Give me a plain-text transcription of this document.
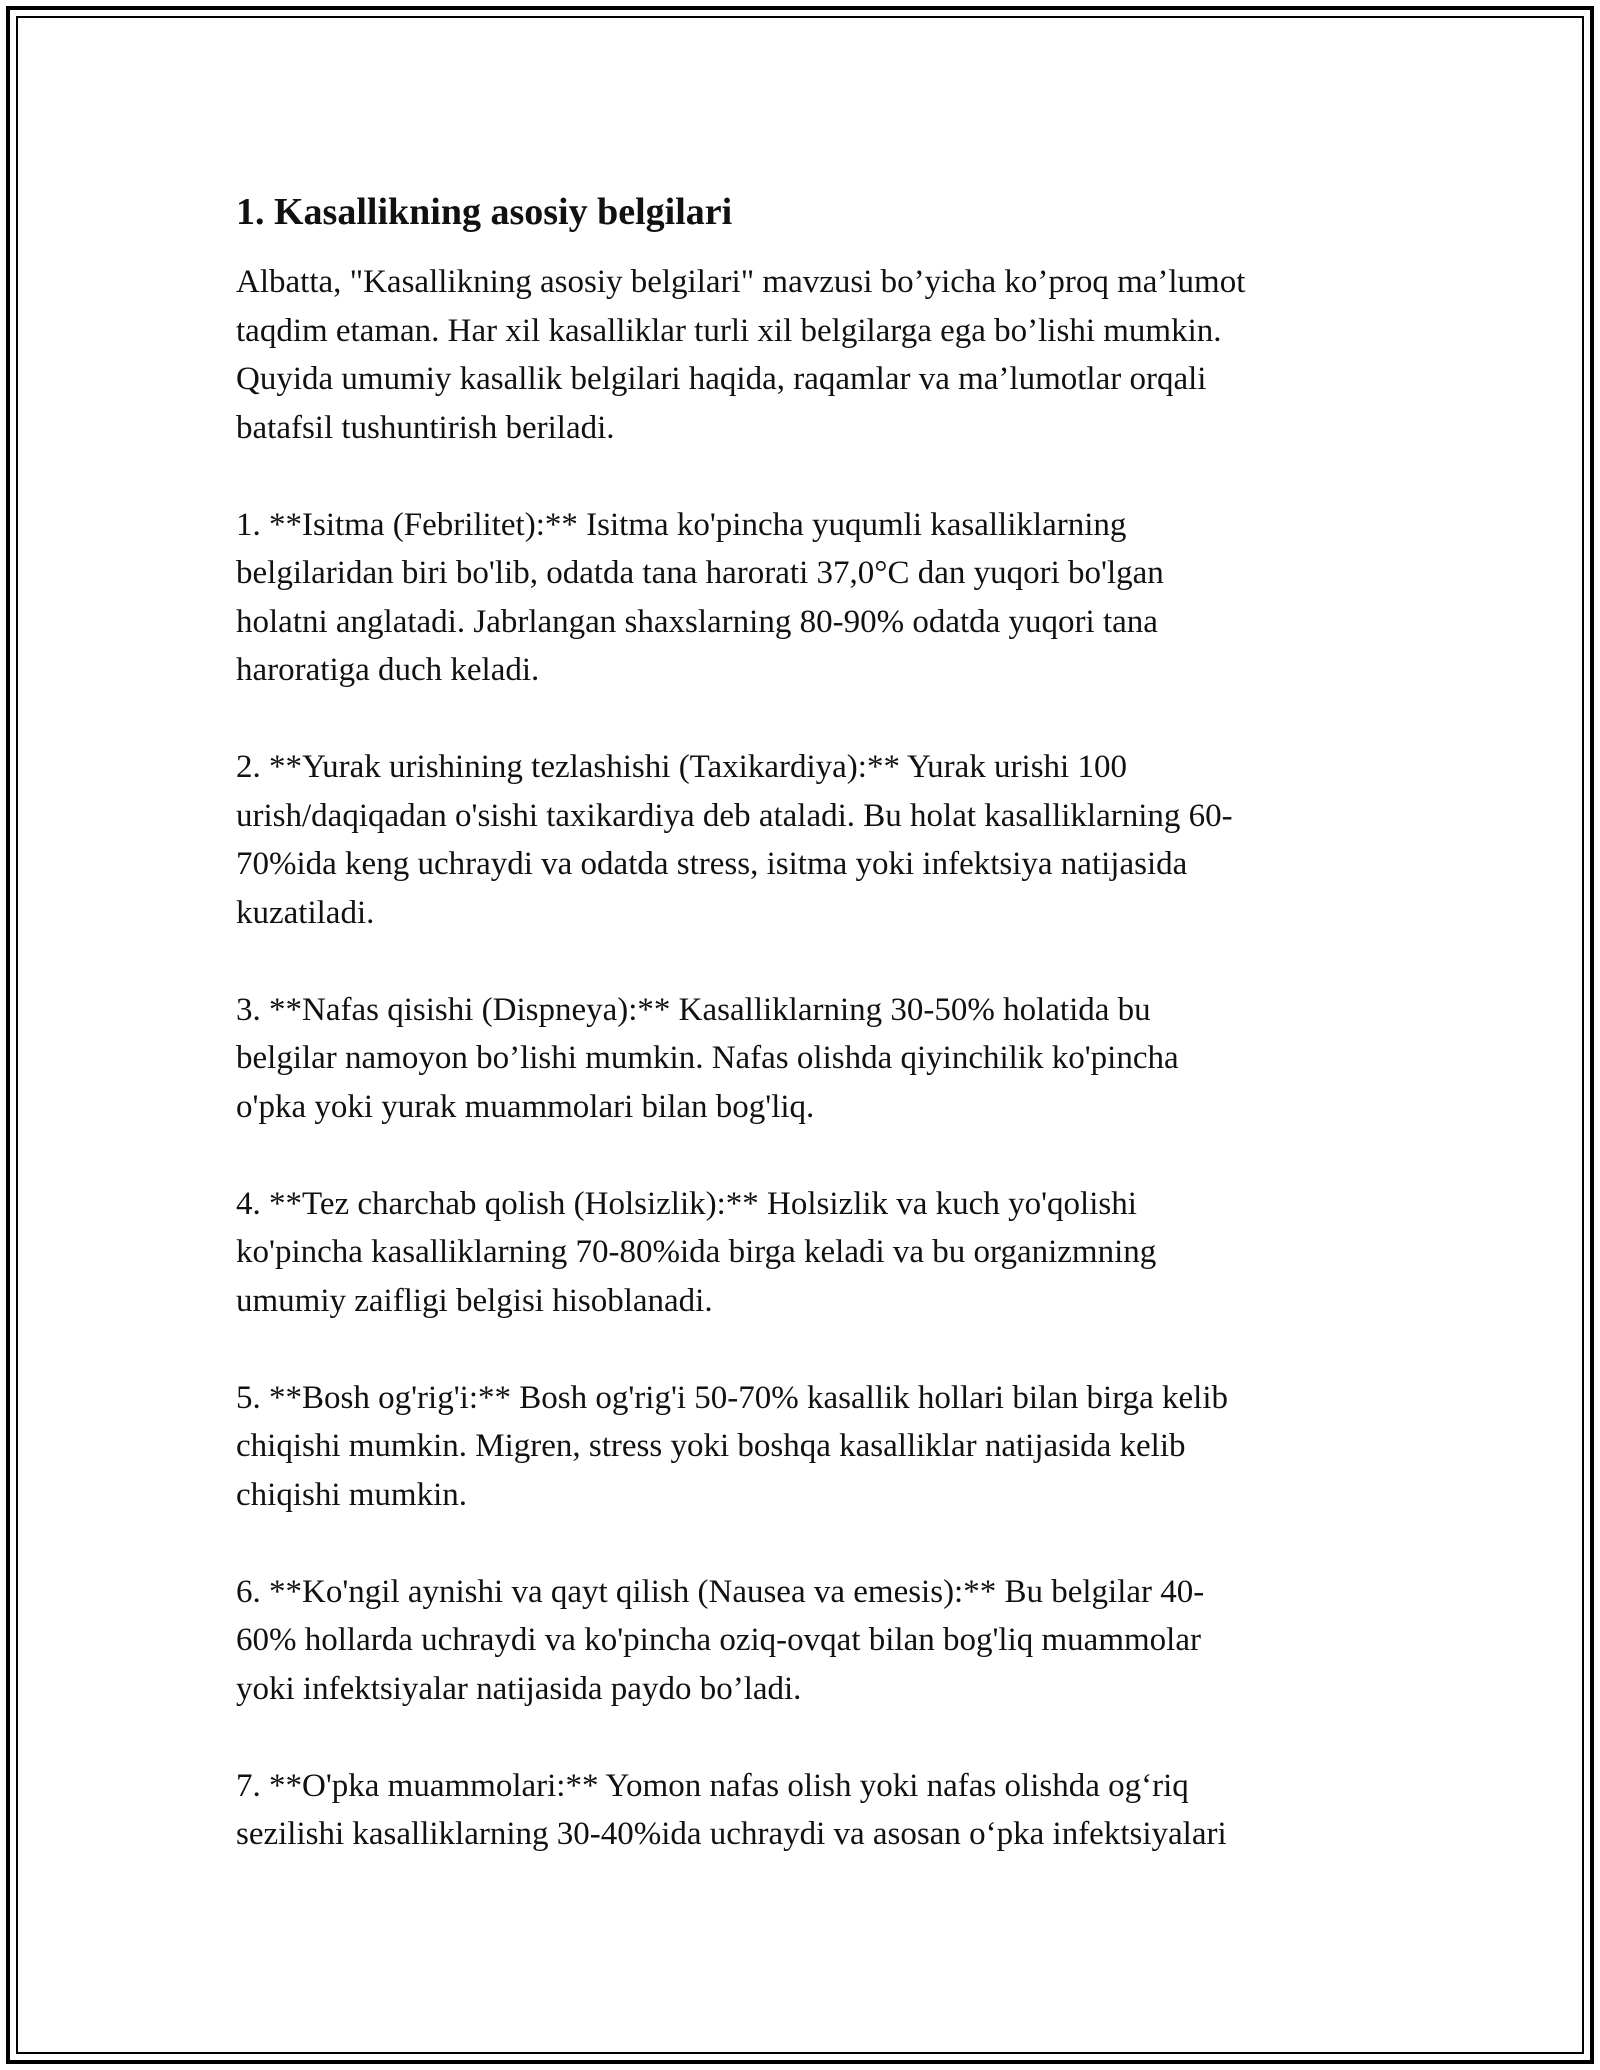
1. Kasallikning asosiy belgilari
Albatta, "Kasallikning asosiy belgilari" mavzusi bo’yicha ko’proq ma’lumot
taqdim etaman. Har xil kasalliklar turli xil belgilarga ega bo’lishi mumkin.
Quyida umumiy kasallik belgilari haqida, raqamlar va ma’lumotlar orqali
batafsil tushuntirish beriladi.
1. **Isitma (Febrilitet):** Isitma ko'pincha yuqumli kasalliklarning
belgilaridan biri bo'lib, odatda tana harorati 37,0°C dan yuqori bo'lgan
holatni anglatadi. Jabrlangan shaxslarning 80-90% odatda yuqori tana
haroratiga duch keladi.
2. **Yurak urishining tezlashishi (Taxikardiya):** Yurak urishi 100
urish/daqiqadan o'sishi taxikardiya deb ataladi. Bu holat kasalliklarning 60-
70%ida keng uchraydi va odatda stress, isitma yoki infektsiya natijasida
kuzatiladi.
3. **Nafas qisishi (Dispneya):** Kasalliklarning 30-50% holatida bu
belgilar namoyon bo’lishi mumkin. Nafas olishda qiyinchilik ko'pincha
o'pka yoki yurak muammolari bilan bog'liq.
4. **Tez charchab qolish (Holsizlik):** Holsizlik va kuch yo'qolishi
ko'pincha kasalliklarning 70-80%ida birga keladi va bu organizmning
umumiy zaifligi belgisi hisoblanadi.
5. **Bosh og'rig'i:** Bosh og'rig'i 50-70% kasallik hollari bilan birga kelib
chiqishi mumkin. Migren, stress yoki boshqa kasalliklar natijasida kelib
chiqishi mumkin.
6. **Ko'ngil aynishi va qayt qilish (Nausea va emesis):** Bu belgilar 40-
60% hollarda uchraydi va ko'pincha oziq-ovqat bilan bog'liq muammolar
yoki infektsiyalar natijasida paydo bo’ladi.
7. **O'pka muammolari:** Yomon nafas olish yoki nafas olishda og‘riq
sezilishi kasalliklarning 30-40%ida uchraydi va asosan o‘pka infektsiyalari
